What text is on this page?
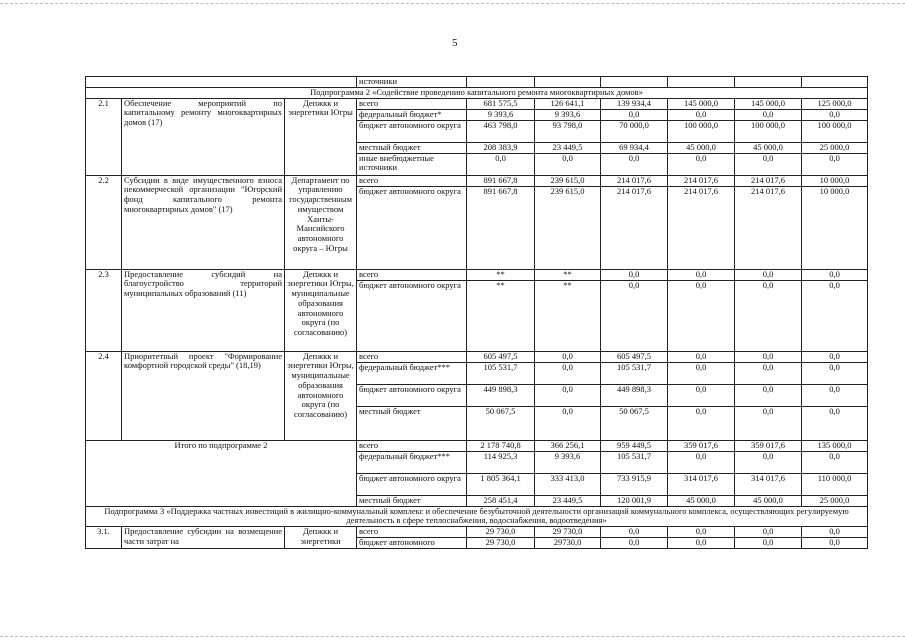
5
			источники						
Подпрограмма 2 «Содействие проведению капитального ремонта многоквартирных домов»									
2.1	Обеспечение мероприятий по капитальному ремонту многоквартирных домов (17)	Депжкк и энергетики Югры	всего	681 575,5	126 641,1	139 934,4	145 000,0	145 000,0	125 000,0
			федеральный бюджет*	9 393,6	9 393,6	0,0	0,0	0,0	0,0
			бюджет автономного округа	463 798,0	93 798,0	70 000,0	100 000,0	100 000,0	100 000,0
			местный бюджет	208 383,9	23 449,5	69 934,4	45 000,0	45 000,0	25 000,0
			иные внебюджетные источники	0,0	0,0	0,0	0,0	0,0	0,0
2.2	Субсидии в виде имущественного взноса некоммерческой организации "Югорский фонд капитального ремонта многоквартирных домов" (17)	Департамент по управлению государственным имуществом Ханты-Мансийского автономного округа – Югры	всего	891 667,8	239 615,0	214 017,6	214 017,6	214 017,6	10 000,0
			бюджет автономного округа	891 667,8	239 615,0	214 017,6	214 017,6	214 017,6	10 000,0
2.3	Предоставление субсидий на благоустройство территорий муниципальных образований (11)	Депжкк и энергетики Югры, муниципальные образования автономного округа (по согласованию)	всего	**	**	0,0	0,0	0,0	0,0
			бюджет автономного округа	**	**	0,0	0,0	0,0	0,0
2.4	Приоритетный проект "Формирование комфортной городской среды" (18,19)	Депжкк и энергетики Югры, муниципальные образования автономного округа (по согласованию)	всего	605 497,5	0,0	605 497,5	0,0	0,0	0,0
			федеральный бюджет***	105 531,7	0,0	105 531,7	0,0	0,0	0,0
			бюджет автономного округа	449 898,3	0,0	449 898,3	0,0	0,0	0,0
			местный бюджет	50 067,5	0,0	50 067,5	0,0	0,0	0,0
Итого по подпрограмме 2			всего	2 178 740,8	366 256,1	959 449,5	359 017,6	359 017,6	135 000,0
			федеральный бюджет***	114 925,3	9 393,6	105 531,7	0,0	0,0	0,0
			бюджет автономного округа	1 805 364,1	333 413,0	733 915,9	314 017,6	314 017,6	110 000,0
			местный бюджет	258 451,4	23 449,5	120 001,9	45 000,0	45 000,0	25 000,0
Подпрограмма 3 «Поддержка частных инвестиций в жилищно-коммунальный комплекс и обеспечение безубыточной деятельности организаций коммунального комплекса, осуществляющих регулируемую деятельность в сфере теплоснабжения, водоснабжения, водоотведения»									
3.1.	Предоставление субсидии на возмещение части затрат на	Депжкк и энергетики	всего	29 730,0	29 730,0	0,0	0,0	0,0	0,0
			бюджет автономного	29 730,0	29730,0	0,0	0,0	0,0	0,0
